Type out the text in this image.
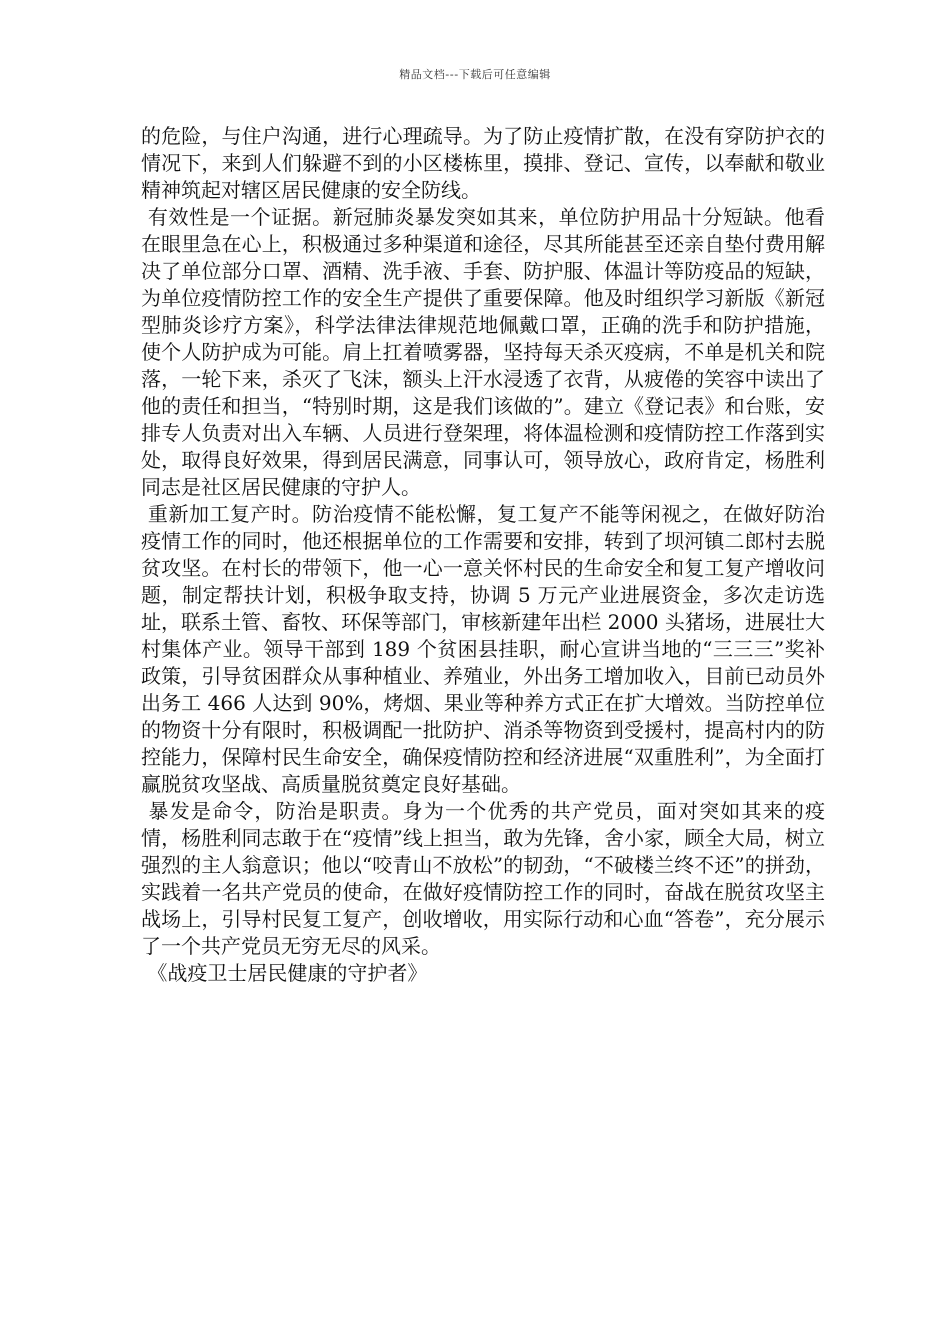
精品文档---下载后可任意编辑

的危险，与住户沟通，进行心理疏导。为了防止疫情扩散，在没有穿防护衣的情况下，来到人们躲避不到的小区楼栋里，摸排、登记、宣传，以奉献和敬业精神筑起对辖区居民健康的安全防线。

有效性是一个证据。新冠肺炎暴发突如其来，单位防护用品十分短缺。他看在眼里急在心上，积极通过多种渠道和途径，尽其所能甚至还亲自垫付费用解决了单位部分口罩、酒精、洗手液、手套、防护服、体温计等防疫品的短缺，为单位疫情防控工作的安全生产提供了重要保障。他及时组织学习新版《新冠型肺炎诊疗方案》，科学法律法律规范地佩戴口罩，正确的洗手和防护措施，使个人防护成为可能。肩上扛着喷雾器，坚持每天杀灭疫病，不单是机关和院落，一轮下来，杀灭了飞沫，额头上汗水浸透了衣背，从疲倦的笑容中读出了他的责任和担当，“特别时期，这是我们该做的”。建立《登记表》和台账，安排专人负责对出入车辆、人员进行登架理，将体温检测和疫情防控工作落到实处，取得良好效果，得到居民满意，同事认可，领导放心，政府肯定，杨胜利同志是社区居民健康的守护人。

重新加工复产时。防治疫情不能松懈，复工复产不能等闲视之，在做好防治疫情工作的同时，他还根据单位的工作需要和安排，转到了坝河镇二郎村去脱贫攻坚。在村长的带领下，他一心一意关怀村民的生命安全和复工复产增收问题，制定帮扶计划，积极争取支持，协调 5 万元产业进展资金，多次走访选址，联系土管、畜牧、环保等部门，审核新建年出栏 2000 头猪场，进展壮大村集体产业。领导干部到 189 个贫困县挂职，耐心宣讲当地的“三三三”奖补政策，引导贫困群众从事种植业、养殖业，外出务工增加收入，目前已动员外出务工 466 人达到 90%，烤烟、果业等种养方式正在扩大增效。当防控单位的物资十分有限时，积极调配一批防护、消杀等物资到受援村，提高村内的防控能力，保障村民生命安全，确保疫情防控和经济进展“双重胜利”，为全面打赢脱贫攻坚战、高质量脱贫奠定良好基础。

暴发是命令，防治是职责。身为一个优秀的共产党员，面对突如其来的疫情，杨胜利同志敢于在“疫情”线上担当，敢为先锋，舍小家，顾全大局，树立强烈的主人翁意识；他以“咬青山不放松”的韧劲，“不破楼兰终不还”的拼劲，实践着一名共产党员的使命，在做好疫情防控工作的同时，奋战在脱贫攻坚主战场上，引导村民复工复产，创收增收，用实际行动和心血“答卷”，充分展示了一个共产党员无穷无尽的风采。

《战疫卫士居民健康的守护者》
